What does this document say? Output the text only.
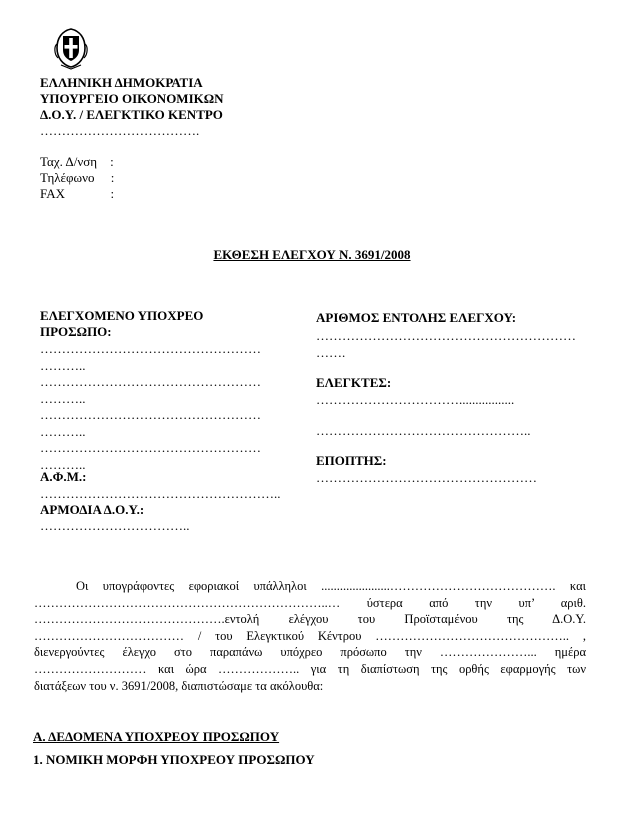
ΕΛΛΗΝΙΚΗ ΔΗΜΟΚΡΑΤΙΑ
ΥΠΟΥΡΓΕΙΟ ΟΙΚΟΝΟΜΙΚΩΝ
Δ.Ο.Υ. / ΕΛΕΓΚΤΙΚΟ ΚΕΝΤΡΟ
……………………………….
Ταχ. Δ/νση    :
Τηλέφωνο     :
FAX              :
ΕΚΘΕΣΗ ΕΛΕΓΧΟΥ Ν. 3691/2008
ΕΛΕΓΧΟΜΕΝΟ ΥΠΟΧΡΕΟ
ΠΡΟΣΩΠΟ:
……………………………………………
………..
……………………………………………
………..
……………………………………………
………..
……………………………………………
………..
Α.Φ.Μ.:
………………………………………………..
ΑΡΜΟΔΙΑ Δ.Ο.Υ.:
……………………………..
ΑΡΙΘΜΟΣ ΕΝΤΟΛΗΣ ΕΛΕΓΧΟΥ:
……………………………………………………
…….
ΕΛΕΓΚΤΕΣ:
…………………………….................
…………………………………………..
ΕΠΟΠΤΗΣ:
……………………………………………
Οι υπογράφοντες εφοριακοί υπάλληλοι ......................…………………………………. και
……………………………………………………………..… ύστερα από την υπ’ αριθ.
……………………………………….εντολή ελέγχου του Προϊσταμένου της Δ.Ο.Υ.
……………………………… / του Ελεγκτικού Κέντρου ……………………………………….. ,
διενεργούντες έλεγχο στο παραπάνω υπόχρεο πρόσωπο την …………………... ημέρα
……………………… και ώρα ……………….. για τη διαπίστωση της ορθής εφαρμογής των
διατάξεων του ν. 3691/2008, διαπιστώσαμε τα ακόλουθα:
Α. ΔΕΔΟΜΕΝΑ ΥΠΟΧΡΕΟΥ ΠΡΟΣΩΠΟΥ
1. ΝΟΜΙΚΗ ΜΟΡΦΗ ΥΠΟΧΡΕΟΥ ΠΡΟΣΩΠΟΥ
